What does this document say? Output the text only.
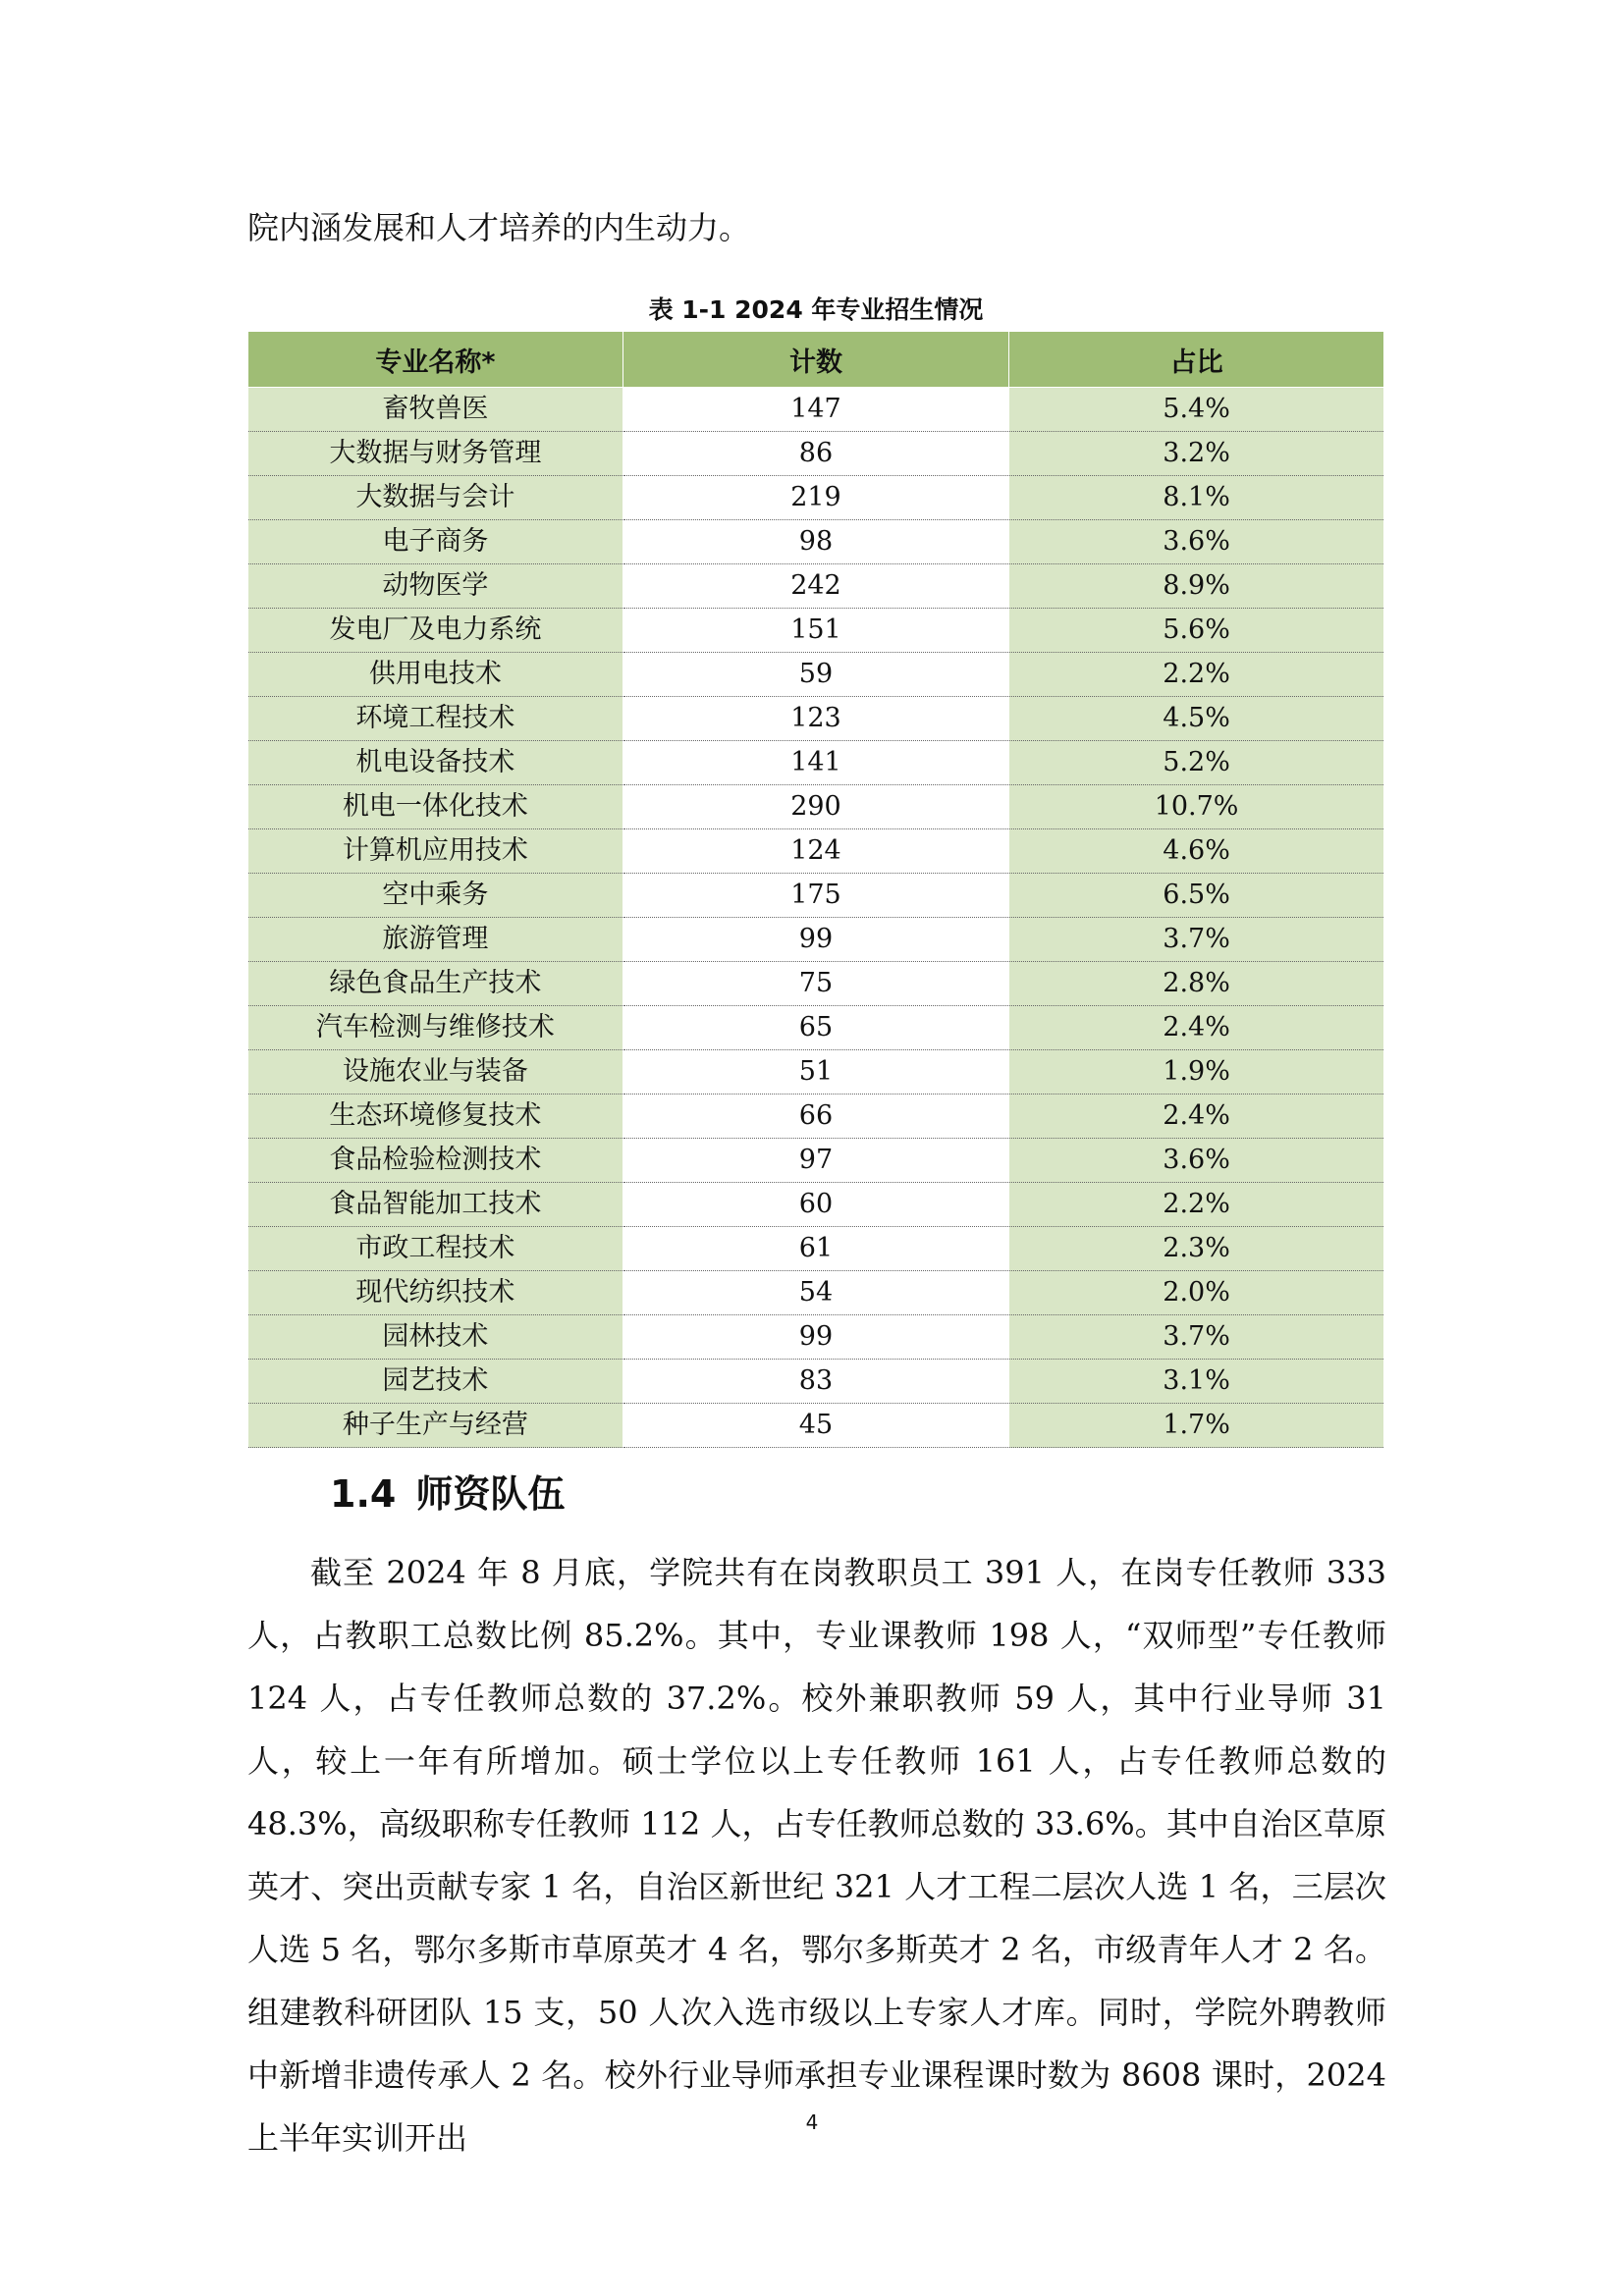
院内涵发展和人才培养的内生动力。

表 1-1 2024 年专业招生情况
专业名称*	计数	占比
畜牧兽医	147	5.4%
大数据与财务管理	86	3.2%
大数据与会计	219	8.1%
电子商务	98	3.6%
动物医学	242	8.9%
发电厂及电力系统	151	5.6%
供用电技术	59	2.2%
环境工程技术	123	4.5%
机电设备技术	141	5.2%
机电一体化技术	290	10.7%
计算机应用技术	124	4.6%
空中乘务	175	6.5%
旅游管理	99	3.7%
绿色食品生产技术	75	2.8%
汽车检测与维修技术	65	2.4%
设施农业与装备	51	1.9%
生态环境修复技术	66	2.4%
食品检验检测技术	97	3.6%
食品智能加工技术	60	2.2%
市政工程技术	61	2.3%
现代纺织技术	54	2.0%
园林技术	99	3.7%
园艺技术	83	3.1%
种子生产与经营	45	1.7%
1.4 师资队伍

截至 2024 年 8 月底，学院共有在岗教职员工 391 人，在岗专任教师 333 人，占教职工总数比例 85.2%。其中，专业课教师 198 人，“双师型”专任教师 124 人，占专任教师总数的 37.2%。校外兼职教师 59 人，其中行业导师 31 人，较上一年有所增加。硕士学位以上专任教师 161 人，占专任教师总数的 48.3%，高级职称专任教师 112 人，占专任教师总数的 33.6%。其中自治区草原英才、突出贡献专家 1 名，自治区新世纪 321 人才工程二层次人选 1 名，三层次人选 5 名，鄂尔多斯市草原英才 4 名，鄂尔多斯英才 2 名，市级青年人才 2 名。组建教科研团队 15 支，50 人次入选市级以上专家人才库。同时，学院外聘教师中新增非遗传承人 2 名。校外行业导师承担专业课程课时数为 8608 课时，2024 上半年实训开出	4
